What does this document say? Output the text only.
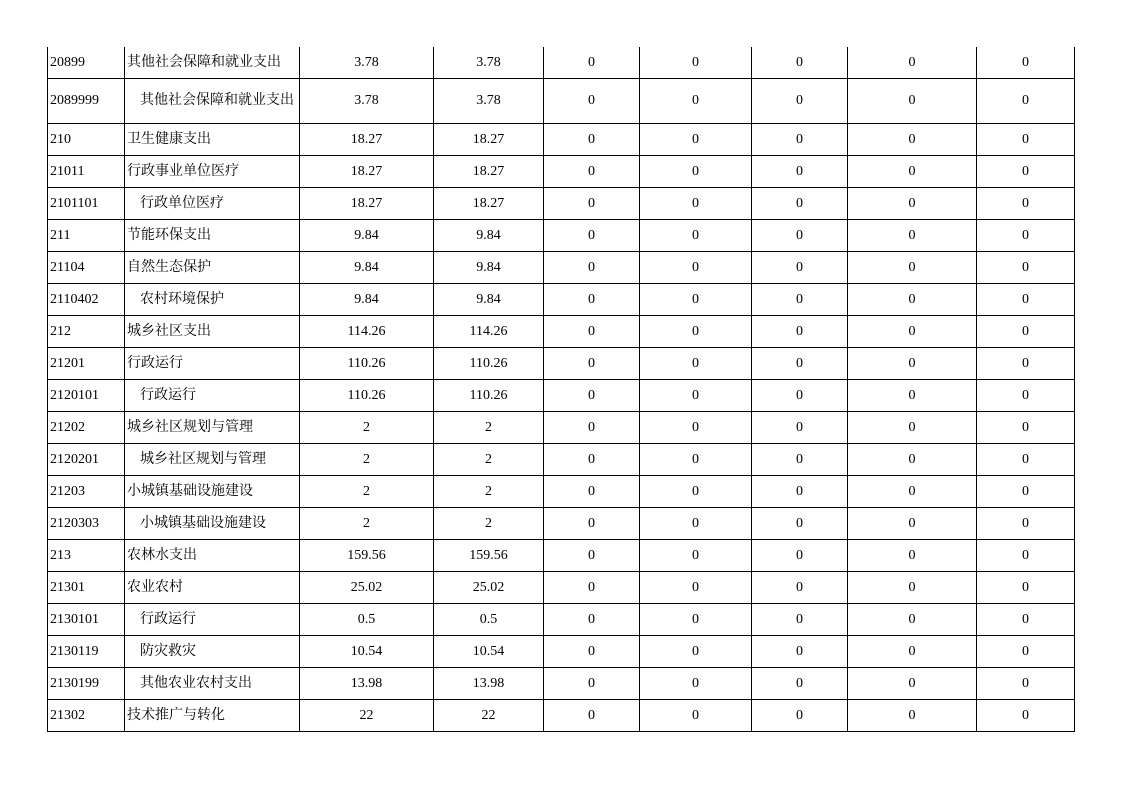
20899	其他社会保障和就业支出	3.78	3.78	0	0	0	0	0
2089999	其他社会保障和就业支出	3.78	3.78	0	0	0	0	0
210	卫生健康支出	18.27	18.27	0	0	0	0	0
21011	行政事业单位医疗	18.27	18.27	0	0	0	0	0
2101101	行政单位医疗	18.27	18.27	0	0	0	0	0
211	节能环保支出	9.84	9.84	0	0	0	0	0
21104	自然生态保护	9.84	9.84	0	0	0	0	0
2110402	农村环境保护	9.84	9.84	0	0	0	0	0
212	城乡社区支出	114.26	114.26	0	0	0	0	0
21201	行政运行	110.26	110.26	0	0	0	0	0
2120101	行政运行	110.26	110.26	0	0	0	0	0
21202	城乡社区规划与管理	2	2	0	0	0	0	0
2120201	城乡社区规划与管理	2	2	0	0	0	0	0
21203	小城镇基础设施建设	2	2	0	0	0	0	0
2120303	小城镇基础设施建设	2	2	0	0	0	0	0
213	农林水支出	159.56	159.56	0	0	0	0	0
21301	农业农村	25.02	25.02	0	0	0	0	0
2130101	行政运行	0.5	0.5	0	0	0	0	0
2130119	防灾救灾	10.54	10.54	0	0	0	0	0
2130199	其他农业农村支出	13.98	13.98	0	0	0	0	0
21302	技术推广与转化	22	22	0	0	0	0	0
